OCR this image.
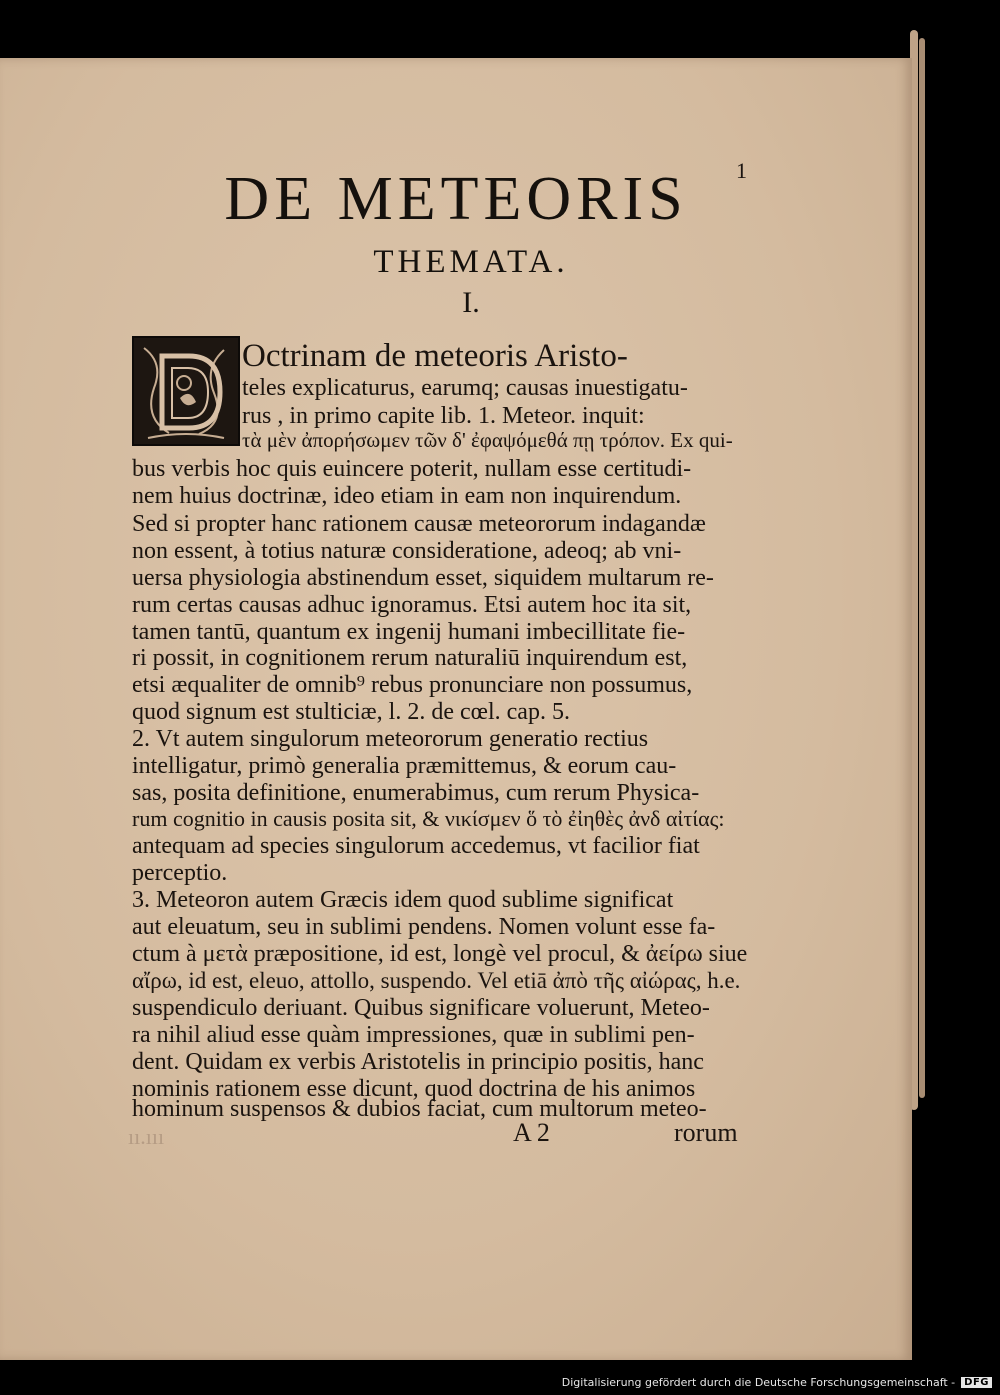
1
DE METEORIS
THEMATA.
I.
Octrinam de meteoris Aristo-
teles explicaturus, earumq; causas inuestigatu-
rus , in primo capite lib. 1. Meteor. inquit:
τὰ μὲν ἀπορήσωμεν τῶν δ' ἐφαψόμεθά πῃ τρόπον. Ex qui-
bus verbis hoc quis euincere poterit, nullam esse certitudi-
nem huius doctrinæ, ideo etiam in eam non inquirendum.
Sed si propter hanc rationem causæ meteororum indagandæ
non essent, à totius naturæ consideratione, adeoq; ab vni-
uersa physiologia abstinendum esset, siquidem multarum re-
rum certas causas adhuc ignoramus. Etsi autem hoc ita sit,
tamen tantū, quantum ex ingenij humani imbecillitate fie-
ri possit, in cognitionem rerum naturaliū inquirendum est,
etsi æqualiter de omnib⁹ rebus pronunciare non possumus,
quod signum est stulticiæ, l. 2. de cœl. cap. 5.
2. Vt autem singulorum meteororum generatio rectius
intelligatur, primò generalia præmittemus, & eorum cau-
sas, posita definitione, enumerabimus, cum rerum Physica-
rum cognitio in causis posita sit, & νικίσμεν ὅ τὸ ἐἰηθὲς ἀνδ αἰτίας:
antequam ad species singulorum accedemus, vt facilior fiat
perceptio.
3. Meteoron autem Græcis idem quod sublime significat
aut eleuatum, seu in sublimi pendens. Nomen volunt esse fa-
ctum à μετὰ præpositione, id est, longè vel procul, & ἀείρω siue
αἴρω, id est, eleuo, attollo, suspendo. Vel etiā ἀπὸ τῆς αἰώρας, h.e.
suspendiculo deriuant. Quibus significare voluerunt, Meteo-
ra nihil aliud esse quàm impressiones, quæ in sublimi pen-
dent. Quidam ex verbis Aristotelis in principio positis, hanc
nominis rationem esse dicunt, quod doctrina de his animos
hominum suspensos & dubios faciat, cum multorum meteo-
ıı.ııı	A 2	rorum
Digitalisierung gefördert durch die Deutsche Forschungsgemeinschaft - DFG
